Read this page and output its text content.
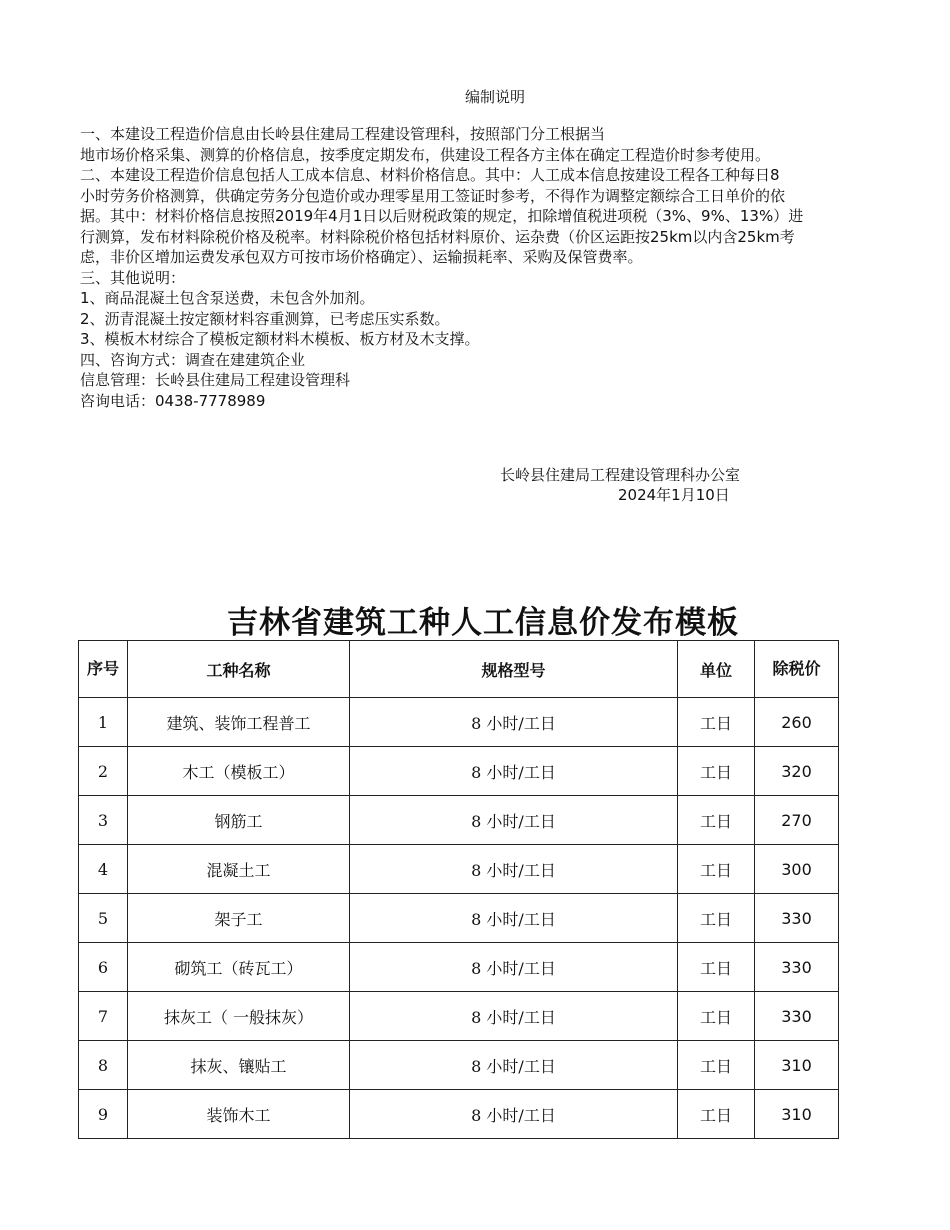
编制说明
一、本建设工程造价信息由长岭县住建局工程建设管理科，按照部门分工根据当
地市场价格采集、测算的价格信息，按季度定期发布，供建设工程各方主体在确定工程造价时参考使用。
二、本建设工程造价信息包括人工成本信息、材料价格信息。其中：人工成本信息按建设工程各工种每日8
小时劳务价格测算，供确定劳务分包造价或办理零星用工签证时参考，不得作为调整定额综合工日单价的依
据。其中：材料价格信息按照2019年4月1日以后财税政策的规定，扣除增值税进项税（3%、9%、13%）进
行测算，发布材料除税价格及税率。材料除税价格包括材料原价、运杂费（价区运距按25km以内含25km考
虑，非价区增加运费发承包双方可按市场价格确定）、运输损耗率、采购及保管费率。
三、其他说明：
1、商品混凝土包含泵送费，未包含外加剂。
2、沥青混凝土按定额材料容重测算，已考虑压实系数。
3、模板木材综合了模板定额材料木模板、板方材及木支撑。
四、咨询方式：调查在建建筑企业
信息管理：长岭县住建局工程建设管理科
咨询电话：0438-7778989
长岭县住建局工程建设管理科办公室
2024年1月10日
吉林省建筑工种人工信息价发布模板
序号	工种名称	规格型号	单位	除税价
1	建筑、装饰工程普工	8 小时/工日	工日	260
2	木工（模板工）	8 小时/工日	工日	320
3	钢筋工	8 小时/工日	工日	270
4	混凝土工	8 小时/工日	工日	300
5	架子工	8 小时/工日	工日	330
6	砌筑工（砖瓦工）	8 小时/工日	工日	330
7	抹灰工（ 一般抹灰）	8 小时/工日	工日	330
8	抹灰、镶贴工	8 小时/工日	工日	310
9	装饰木工	8 小时/工日	工日	310
